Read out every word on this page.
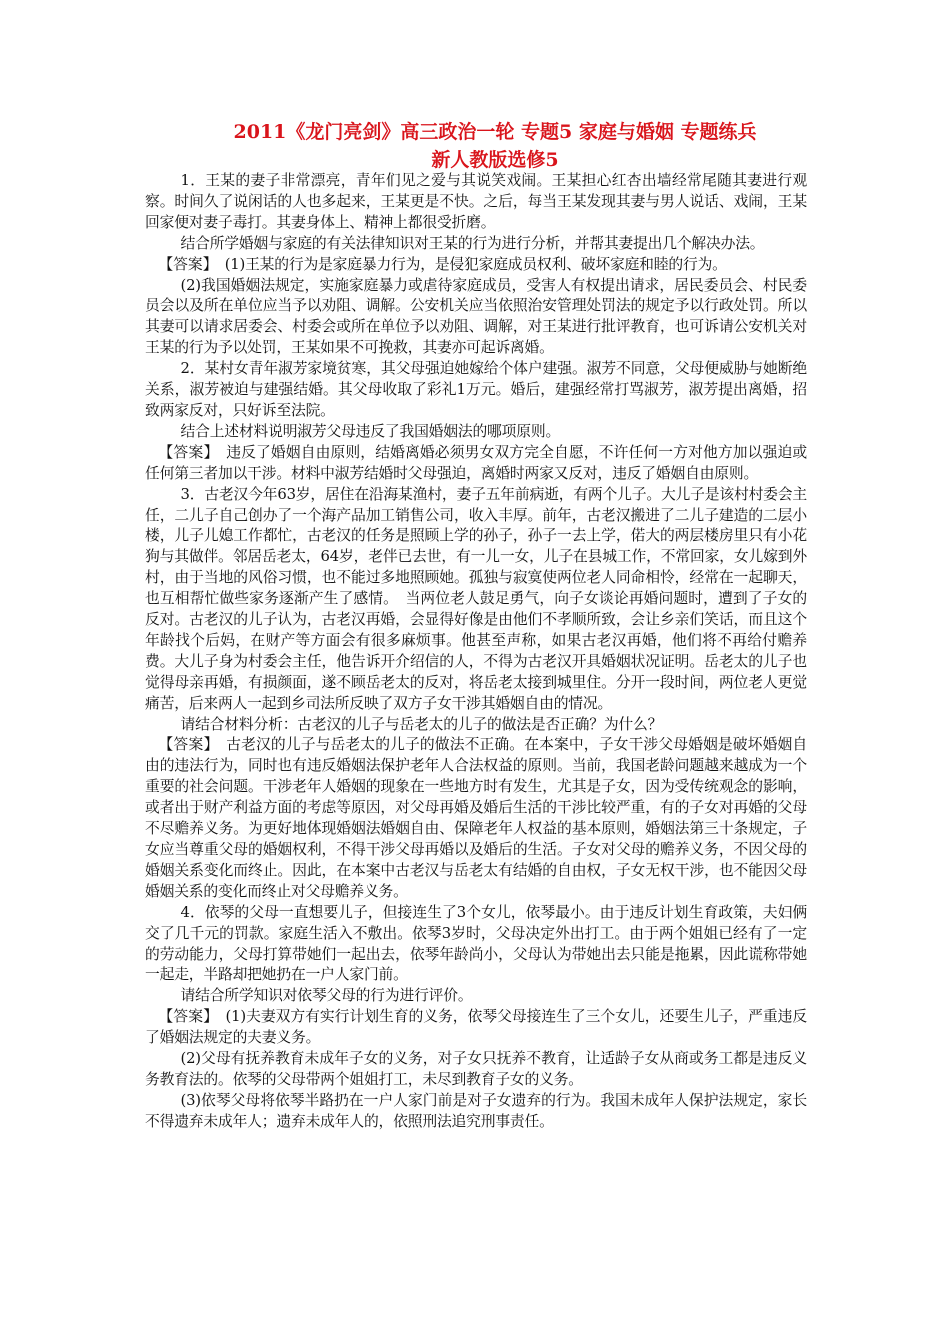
2011《龙门亮剑》高三政治一轮 专题5 家庭与婚姻 专题练兵
新人教版选修5

1．王某的妻子非常漂亮，青年们见之爱与其说笑戏闹。王某担心红杏出墙经常尾随其妻进行观察。时间久了说闲话的人也多起来，王某更是不快。之后，每当王某发现其妻与男人说话、戏闹，王某回家便对妻子毒打。其妻身体上、精神上都很受折磨。

结合所学婚姻与家庭的有关法律知识对王某的行为进行分析，并帮其妻提出几个解决办法。

【答案】　(1)王某的行为是家庭暴力行为，是侵犯家庭成员权利、破坏家庭和睦的行为。

(2)我国婚姻法规定，实施家庭暴力或虐待家庭成员，受害人有权提出请求，居民委员会、村民委员会以及所在单位应当予以劝阻、调解。公安机关应当依照治安管理处罚法的规定予以行政处罚。所以其妻可以请求居委会、村委会或所在单位予以劝阻、调解，对王某进行批评教育，也可诉请公安机关对王某的行为予以处罚，王某如果不可挽救，其妻亦可起诉离婚。

2．某村女青年淑芳家境贫寒，其父母强迫她嫁给个体户建强。淑芳不同意，父母便威胁与她断绝关系，淑芳被迫与建强结婚。其父母收取了彩礼1万元。婚后，建强经常打骂淑芳，淑芳提出离婚，招致两家反对，只好诉至法院。

结合上述材料说明淑芳父母违反了我国婚姻法的哪项原则。

【答案】　违反了婚姻自由原则，结婚离婚必须男女双方完全自愿，不许任何一方对他方加以强迫或任何第三者加以干涉。材料中淑芳结婚时父母强迫，离婚时两家又反对，违反了婚姻自由原则。

3．古老汉今年63岁，居住在沿海某渔村，妻子五年前病逝，有两个儿子。大儿子是该村村委会主任，二儿子自己创办了一个海产品加工销售公司，收入丰厚。前年，古老汉搬进了二儿子建造的二层小楼，儿子儿媳工作都忙，古老汉的任务是照顾上学的孙子，孙子一去上学，偌大的两层楼房里只有小花狗与其做伴。邻居岳老太，64岁，老伴已去世，有一儿一女，儿子在县城工作，不常回家，女儿嫁到外村，由于当地的风俗习惯，也不能过多地照顾她。孤独与寂寞使两位老人同命相怜，经常在一起聊天，也互相帮忙做些家务逐渐产生了感情。　当两位老人鼓足勇气，向子女谈论再婚问题时，遭到了子女的反对。古老汉的儿子认为，古老汉再婚，会显得好像是由他们不孝顺所致，会让乡亲们笑话，而且这个年龄找个后妈，在财产等方面会有很多麻烦事。他甚至声称，如果古老汉再婚，他们将不再给付赡养费。大儿子身为村委会主任，他告诉开介绍信的人，不得为古老汉开具婚姻状况证明。岳老太的儿子也觉得母亲再婚，有损颜面，遂不顾岳老太的反对，将岳老太接到城里住。分开一段时间，两位老人更觉痛苦，后来两人一起到乡司法所反映了双方子女干涉其婚姻自由的情况。

请结合材料分析：古老汉的儿子与岳老太的儿子的做法是否正确？为什么？

【答案】　古老汉的儿子与岳老太的儿子的做法不正确。在本案中，子女干涉父母婚姻是破坏婚姻自由的违法行为，同时也有违反婚姻法保护老年人合法权益的原则。当前，我国老龄问题越来越成为一个重要的社会问题。干涉老年人婚姻的现象在一些地方时有发生，尤其是子女，因为受传统观念的影响，或者出于财产利益方面的考虑等原因，对父母再婚及婚后生活的干涉比较严重，有的子女对再婚的父母不尽赡养义务。为更好地体现婚姻法婚姻自由、保障老年人权益的基本原则，婚姻法第三十条规定，子女应当尊重父母的婚姻权利，不得干涉父母再婚以及婚后的生活。子女对父母的赡养义务，不因父母的婚姻关系变化而终止。因此，在本案中古老汉与岳老太有结婚的自由权，子女无权干涉，也不能因父母婚姻关系的变化而终止对父母赡养义务。

4．依琴的父母一直想要儿子，但接连生了3个女儿，依琴最小。由于违反计划生育政策，夫妇俩交了几千元的罚款。家庭生活入不敷出。依琴3岁时，父母决定外出打工。由于两个姐姐已经有了一定的劳动能力，父母打算带她们一起出去，依琴年龄尚小，父母认为带她出去只能是拖累，因此谎称带她一起走，半路却把她扔在一户人家门前。

请结合所学知识对依琴父母的行为进行评价。

【答案】　(1)夫妻双方有实行计划生育的义务，依琴父母接连生了三个女儿，还要生儿子，严重违反了婚姻法规定的夫妻义务。

(2)父母有抚养教育未成年子女的义务，对子女只抚养不教育，让适龄子女从商或务工都是违反义务教育法的。依琴的父母带两个姐姐打工，未尽到教育子女的义务。

(3)依琴父母将依琴半路扔在一户人家门前是对子女遗弃的行为。我国未成年人保护法规定，家长不得遗弃未成年人；遗弃未成年人的，依照刑法追究刑事责任。
